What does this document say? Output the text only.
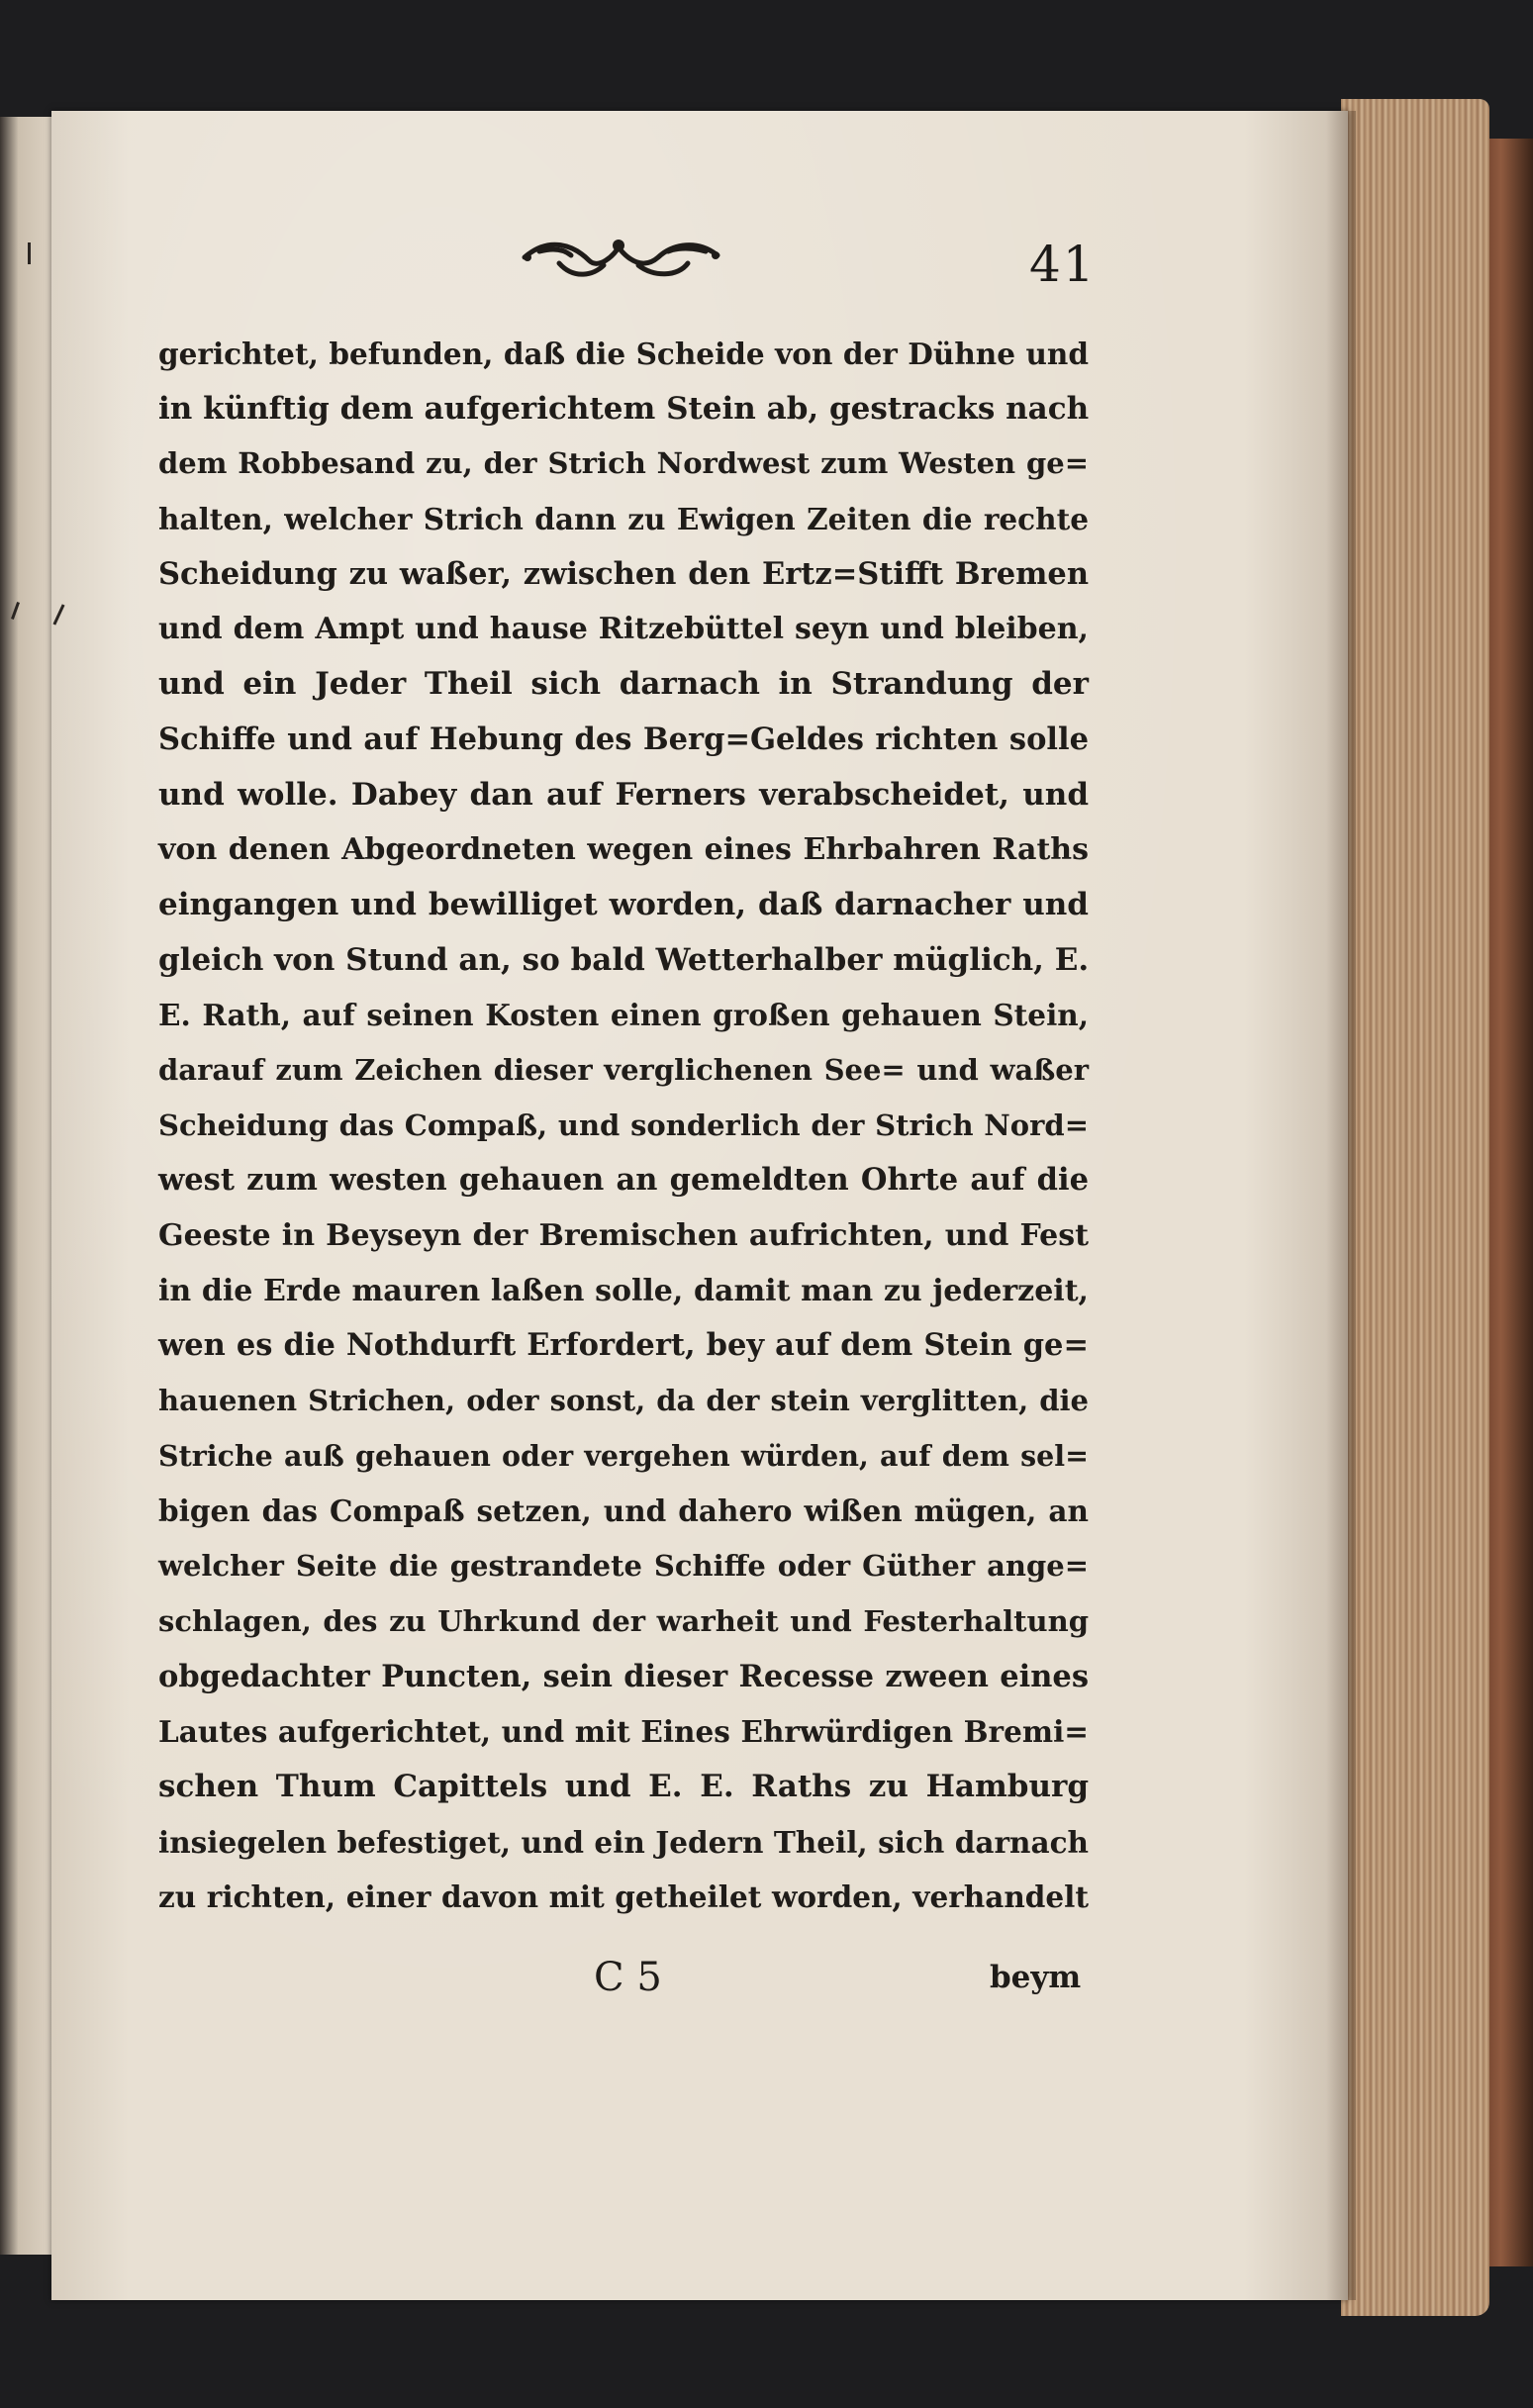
41
gerichtet, befunden, daß die Scheide von der Dühne und
in künftig dem aufgerichtem Stein ab, gestracks nach
dem Robbesand zu, der Strich Nordwest zum Westen ge=
halten, welcher Strich dann zu Ewigen Zeiten die rechte
Scheidung zu waßer, zwischen den Ertz=Stifft Bremen
und dem Ampt und hause Ritzebüttel seyn und bleiben,
und ein Jeder Theil sich darnach in Strandung der
Schiffe und auf Hebung des Berg=Geldes richten solle
und wolle. Dabey dan auf Ferners verabscheidet, und
von denen Abgeordneten wegen eines Ehrbahren Raths
eingangen und bewilliget worden, daß darnacher und
gleich von Stund an, so bald Wetterhalber müglich, E.
E. Rath, auf seinen Kosten einen großen gehauen Stein,
darauf zum Zeichen dieser verglichenen See= und waßer
Scheidung das Compaß, und sonderlich der Strich Nord=
west zum westen gehauen an gemeldten Ohrte auf die
Geeste in Beyseyn der Bremischen aufrichten, und Fest
in die Erde mauren laßen solle, damit man zu jederzeit,
wen es die Nothdurft Erfordert, bey auf dem Stein ge=
hauenen Strichen, oder sonst, da der stein verglitten, die
Striche auß gehauen oder vergehen würden, auf dem sel=
bigen das Compaß setzen, und dahero wißen mügen, an
welcher Seite die gestrandete Schiffe oder Güther ange=
schlagen, des zu Uhrkund der warheit und Festerhaltung
obgedachter Puncten, sein dieser Recesse zween eines
Lautes aufgerichtet, und mit Eines Ehrwürdigen Bremi=
schen Thum Capittels und E. E. Raths zu Hamburg
insiegelen befestiget, und ein Jedern Theil, sich darnach
zu richten, einer davon mit getheilet worden, verhandelt
C 5	beym
